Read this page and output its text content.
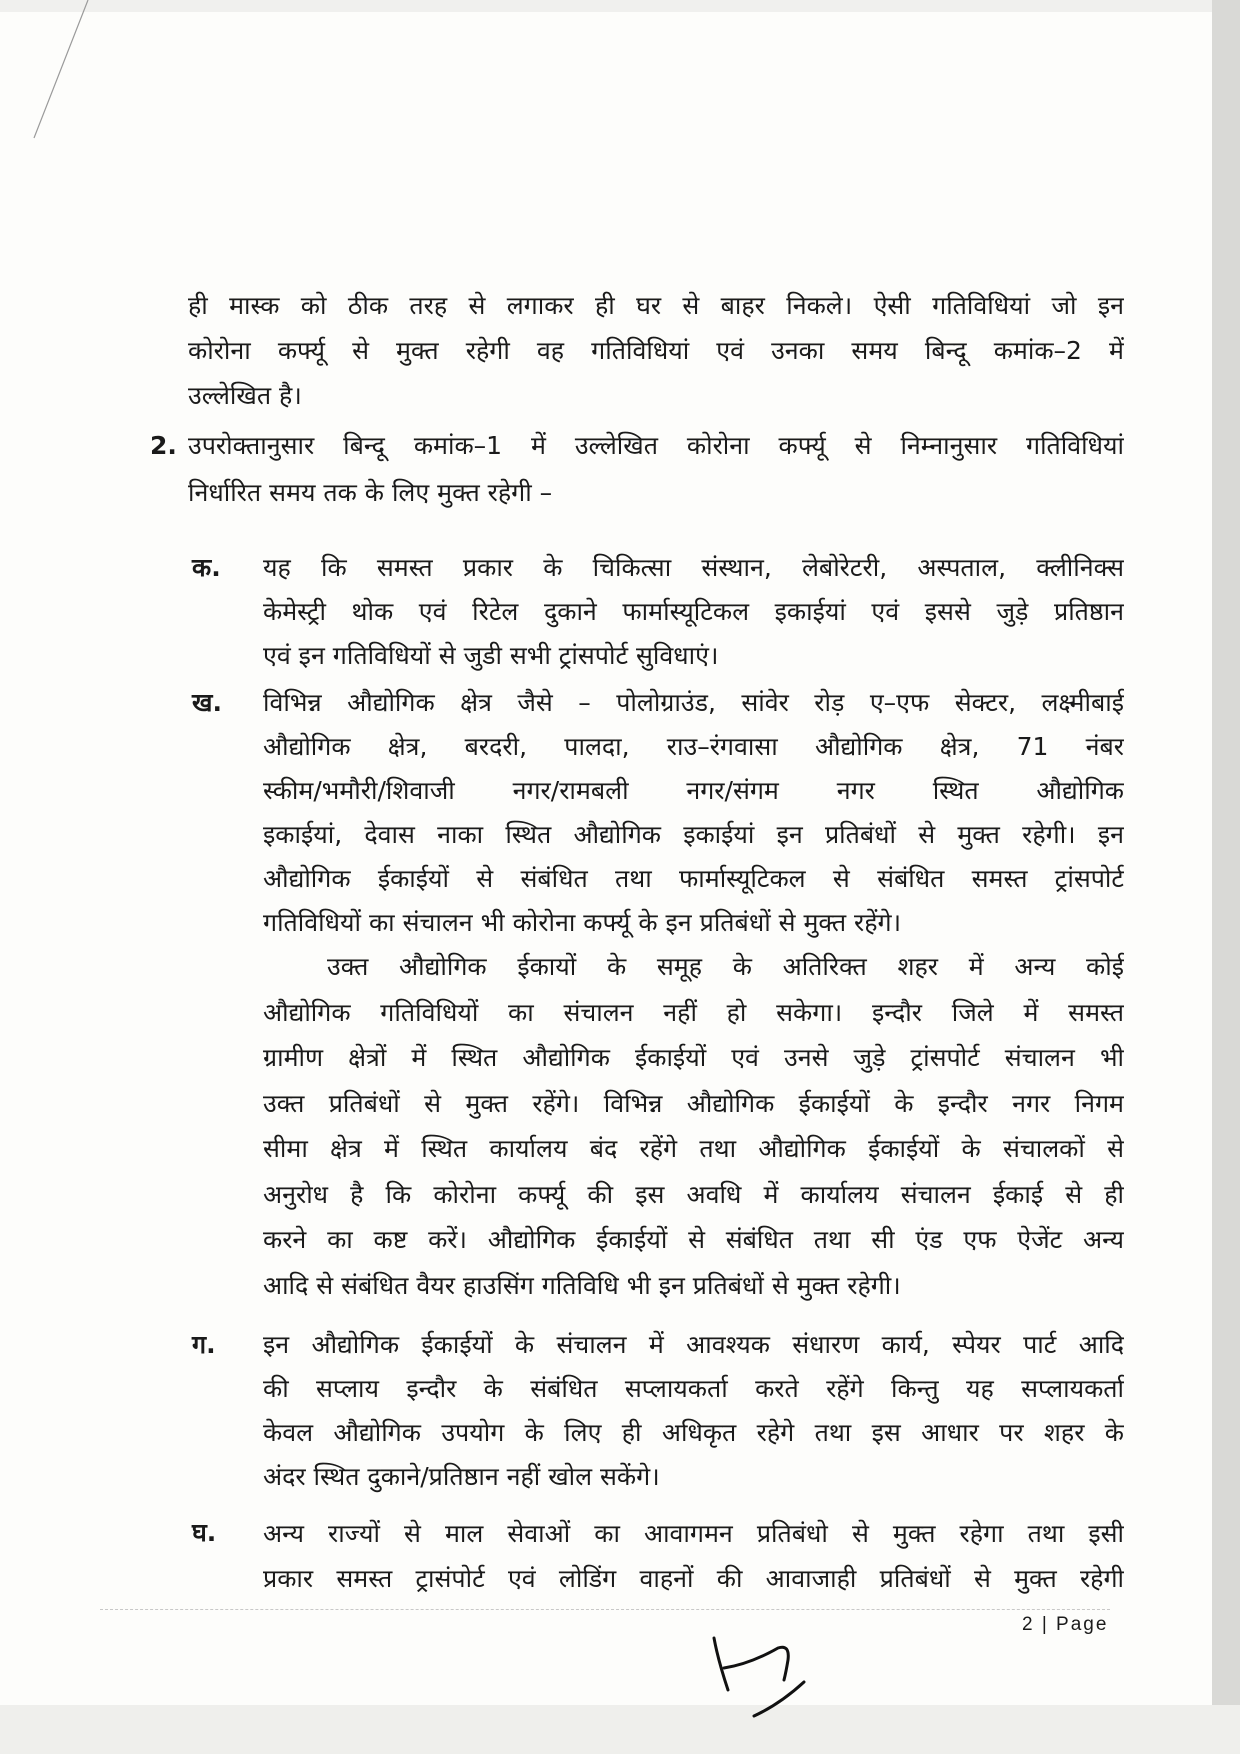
ही मास्क को ठीक तरह से लगाकर ही घर से बाहर निकले। ऐसी गतिविधियां जो इन
कोरोना कर्फ्यू से मुक्त रहेगी वह गतिविधियां एवं उनका समय बिन्दू कमांक–2 में
उल्लेखित है।
2. उपरोक्तानुसार बिन्दू कमांक–1 में उल्लेखित कोरोना कर्फ्यू से निम्नानुसार गतिविधियां
निर्धारित समय तक के लिए मुक्त रहेगी –
क. यह कि समस्त प्रकार के चिकित्सा संस्थान, लेबोरेटरी, अस्पताल, क्लीनिक्स
केमेस्ट्री थोक एवं रिटेल दुकाने फार्मास्यूटिकल इकाईयां एवं इससे जुड़े प्रतिष्ठान
एवं इन गतिविधियों से जुडी सभी ट्रांसपोर्ट सुविधाएं।
ख. विभिन्न औद्योगिक क्षेत्र जैसे – पोलोग्राउंड, सांवेर रोड़ ए–एफ सेक्टर, लक्ष्मीबाई
औद्योगिक क्षेत्र, बरदरी, पालदा, राउ–रंगवासा औद्योगिक क्षेत्र, 71 नंबर
स्कीम/भमौरी/शिवाजी नगर/रामबली नगर/संगम नगर स्थित औद्योगिक
इकाईयां, देवास नाका स्थित औद्योगिक इकाईयां इन प्रतिबंधों से मुक्त रहेगी। इन
औद्योगिक ईकाईयों से संबंधित तथा फार्मास्यूटिकल से संबंधित समस्त ट्रांसपोर्ट
गतिविधियों का संचालन भी कोरोना कर्फ्यू के इन प्रतिबंधों से मुक्त रहेंगे।
उक्त औद्योगिक ईकायों के समूह के अतिरिक्त शहर में अन्य कोई
औद्योगिक गतिविधियों का संचालन नहीं हो सकेगा। इन्दौर जिले में समस्त
ग्रामीण क्षेत्रों में स्थित औद्योगिक ईकाईयों एवं उनसे जुड़े ट्रांसपोर्ट संचालन भी
उक्त प्रतिबंधों से मुक्त रहेंगे। विभिन्न औद्योगिक ईकाईयों के इन्दौर नगर निगम
सीमा क्षेत्र में स्थित कार्यालय बंद रहेंगे तथा औद्योगिक ईकाईयों के संचालकों से
अनुरोध है कि कोरोना कर्फ्यू की इस अवधि में कार्यालय संचालन ईकाई से ही
करने का कष्ट करें। औद्योगिक ईकाईयों से संबंधित तथा सी एंड एफ ऐजेंट अन्य
आदि से संबंधित वैयर हाउसिंग गतिविधि भी इन प्रतिबंधों से मुक्त रहेगी।
ग. इन औद्योगिक ईकाईयों के संचालन में आवश्यक संधारण कार्य, स्पेयर पार्ट आदि
की सप्लाय इन्दौर के संबंधित सप्लायकर्ता करते रहेंगे किन्तु यह सप्लायकर्ता
केवल औद्योगिक उपयोग के लिए ही अधिकृत रहेगे तथा इस आधार पर शहर के
अंदर स्थित दुकाने/प्रतिष्ठान नहीं खोल सकेंगे।
घ. अन्य राज्यों से माल सेवाओं का आवागमन प्रतिबंधो से मुक्त रहेगा तथा इसी
प्रकार समस्त ट्रासंपोर्ट एवं लोडिंग वाहनों की आवाजाही प्रतिबंधों से मुक्त रहेगी
2 | Page
